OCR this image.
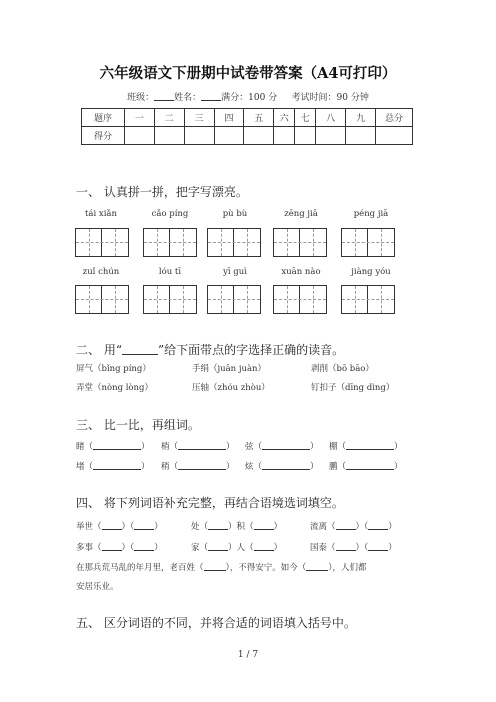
六年级语文下册期中试卷带答案（A4可打印）
班级： 姓名： 满分：100 分 考试时间：90 分钟
题序	一	二	三	四	五	六	七	八	九	总分
得分										
一、 认真拼一拼，把字写漂亮。
tái xiǎn	cǎo píng	pù bù	zēng jiā	péng jiā
zuǐ chún	lóu tī	yī guì	xuān nào	jiàng yóu
二、 用“	”给下面带点的字选择正确的读音。
屏气（bǐng píng）	手绢（juān juàn）	剥削（bō bāo）
弄堂（nòng lòng）	压轴（zhóu zhòu）	钉扣子（dīng dìng）
三、 比一比，再组词。
睹（	） 梢（	） 弦（	） 棚（	）
堵（	） 稍（	） 炫（	） 鹏（	）
四、 将下列词语补充完整，再结合语境选词填空。
举世（ ）（ ）	处（ ）积（ ）	流离（ ）（ ）
多事（ ）（ ）	家（ ）人（ ）	国泰（ ）（ ）
在那兵荒马乱的年月里，老百姓（	），不得安宁。如今（	），人们都
安居乐业。
五、 区分词语的不同，并将合适的词语填入括号中。
1 / 7
